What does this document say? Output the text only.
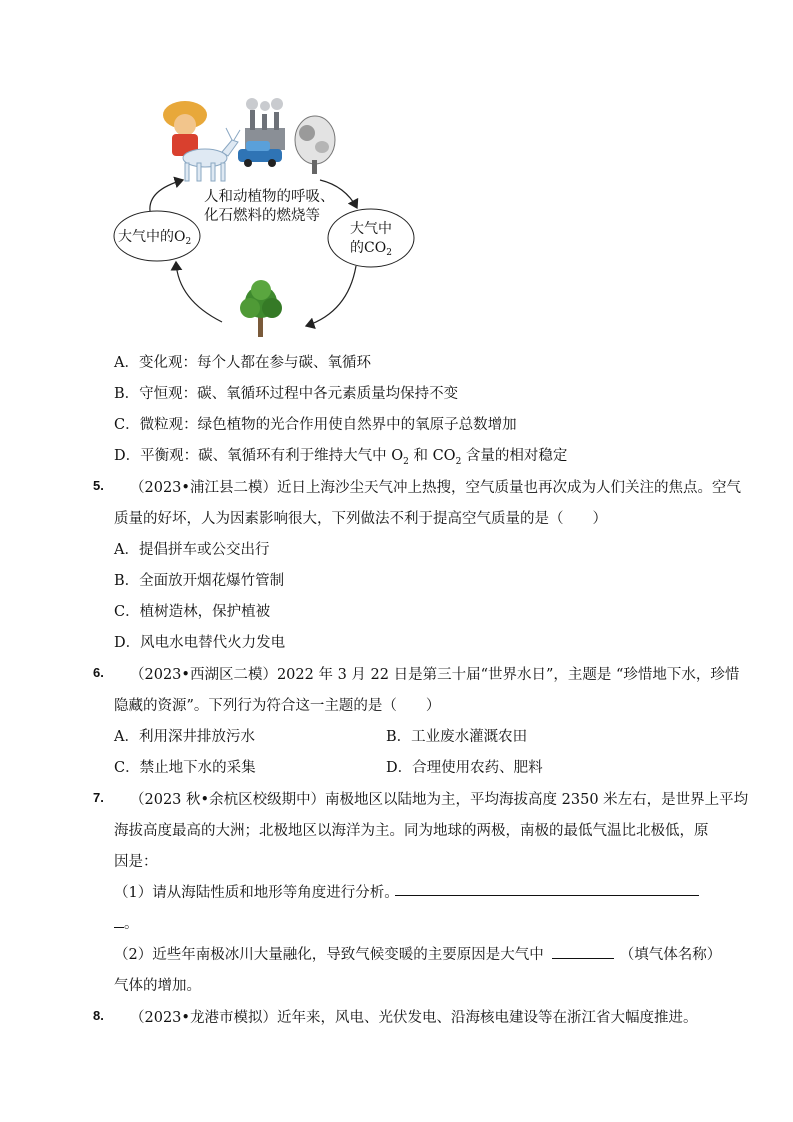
人和动植物的呼吸、
化石燃料的燃烧等
大气中的$O_2$
大气中
的$CO_2$
A．变化观：每个人都在参与碳、氧循环
B．守恒观：碳、氧循环过程中各元素质量均保持不变
C．微粒观：绿色植物的光合作用使自然界中的氧原子总数增加
D．平衡观：碳、氧循环有利于维持大气中 $O_2$ 和 $CO_2$ 含量的相对稳定
5. （2023•浦江县二模）近日上海沙尘天气冲上热搜，空气质量也再次成为人们关注的焦点。空气
质量的好坏，人为因素影响很大，下列做法不利于提高空气质量的是（　　）
A．提倡拼车或公交出行
B．全面放开烟花爆竹管制
C．植树造林，保护植被
D．风电水电替代火力发电
6. （2023•西湖区二模）2022 年 3 月 22 日是第三十届“世界水日”，主题是 “珍惜地下水，珍惜
隐藏的资源”。下列行为符合这一主题的是（　　）
A．利用深井排放污水	B．工业废水灌溉农田
C．禁止地下水的采集	D．合理使用农药、肥料
7. （2023 秋•余杭区校级期中）南极地区以陆地为主，平均海拔高度 2350 米左右，是世界上平均
海拔高度最高的大洲；北极地区以海洋为主。同为地球的两极，南极的最低气温比北极低，原
因是：
（1）请从海陆性质和地形等角度进行分析。
。
（2）近些年南极冰川大量融化，导致气候变暖的主要原因是大气中	（填气体名称）
气体的增加。
8. （2023•龙港市模拟）近年来，风电、光伏发电、沿海核电建设等在浙江省大幅度推进。
